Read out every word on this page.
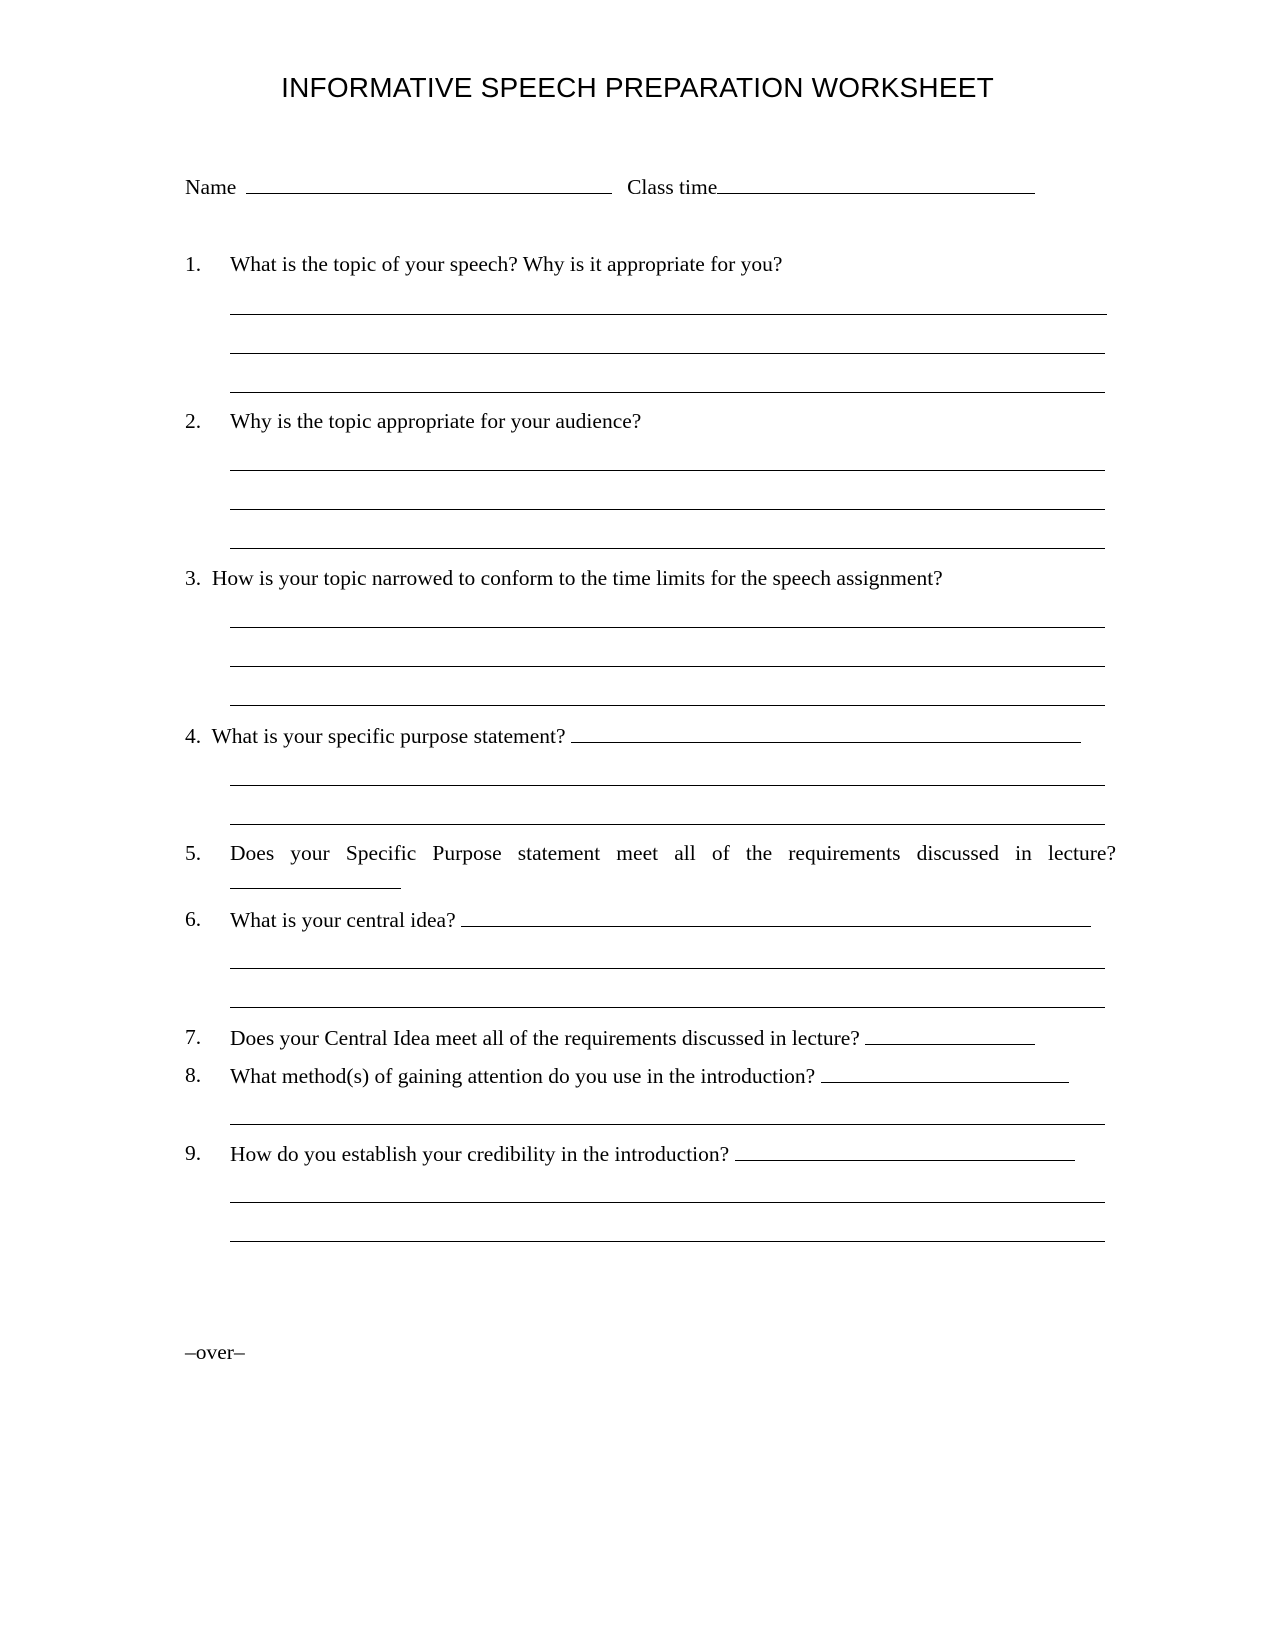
INFORMATIVE SPEECH PREPARATION WORKSHEET
Name	Class time
1. What is the topic of your speech? Why is it appropriate for you?
2. Why is the topic appropriate for your audience?
3. How is your topic narrowed to conform to the time limits for the speech assignment?
4. What is your specific purpose statement?
5. Does your Specific Purpose statement meet all of the requirements discussed in lecture?
6. What is your central idea?
7. Does your Central Idea meet all of the requirements discussed in lecture?
8. What method(s) of gaining attention do you use in the introduction?
9. How do you establish your credibility in the introduction?
–over–
